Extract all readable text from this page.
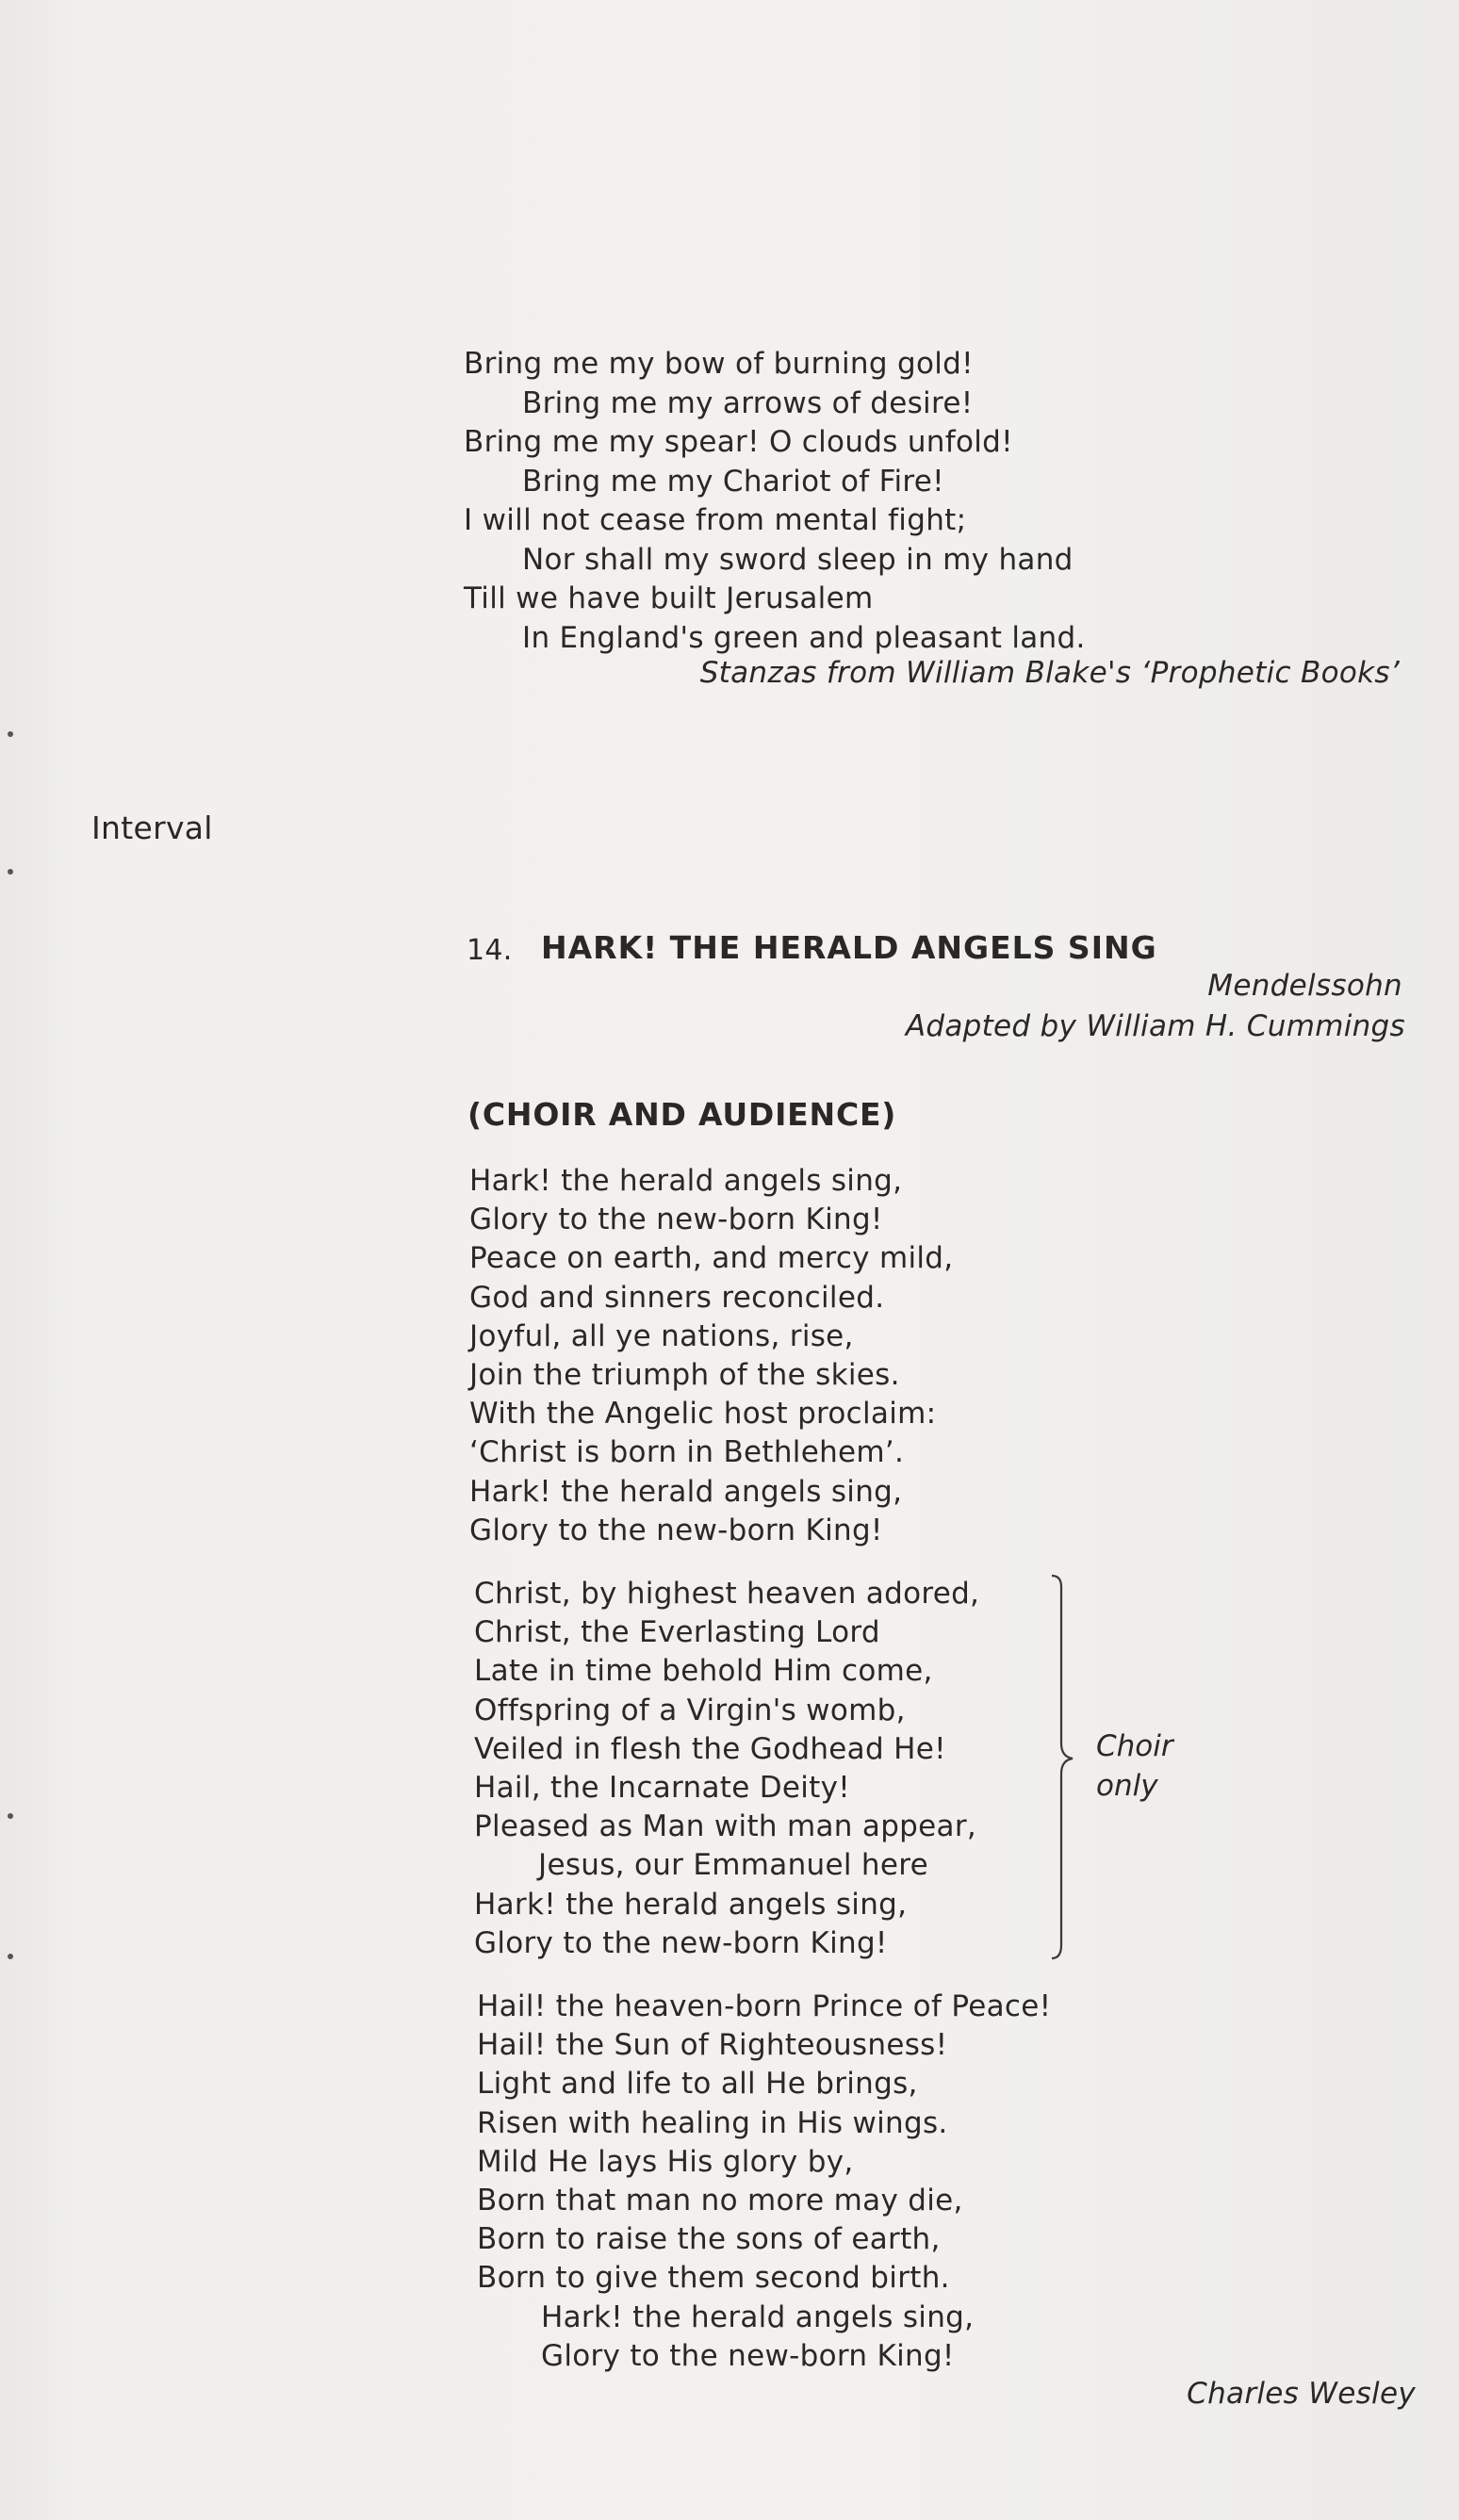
Bring me my bow of burning gold!
Bring me my arrows of desire!
Bring me my spear! O clouds unfold!
Bring me my Chariot of Fire!
I will not cease from mental fight;
Nor shall my sword sleep in my hand
Till we have built Jerusalem
In England's green and pleasant land.
Stanzas from William Blake's ‘Prophetic Books’
Interval
14. HARK! THE HERALD ANGELS SING
Mendelssohn
Adapted by William H. Cummings
(CHOIR AND AUDIENCE)
Hark! the herald angels sing,
Glory to the new-born King!
Peace on earth, and mercy mild,
God and sinners reconciled.
Joyful, all ye nations, rise,
Join the triumph of the skies.
With the Angelic host proclaim:
‘Christ is born in Bethlehem’.
Hark! the herald angels sing,
Glory to the new-born King!
Christ, by highest heaven adored,
Christ, the Everlasting Lord
Late in time behold Him come,
Offspring of a Virgin's womb,
Veiled in flesh the Godhead He!
Hail, the Incarnate Deity!
Pleased as Man with man appear,
Jesus, our Emmanuel here
Hark! the herald angels sing,
Glory to the new-born King!
Hail! the heaven-born Prince of Peace!
Hail! the Sun of Righteousness!
Light and life to all He brings,
Risen with healing in His wings.
Mild He lays His glory by,
Born that man no more may die,
Born to raise the sons of earth,
Born to give them second birth.
Hark! the herald angels sing,
Glory to the new-born King!
Choir
only
Charles Wesley
